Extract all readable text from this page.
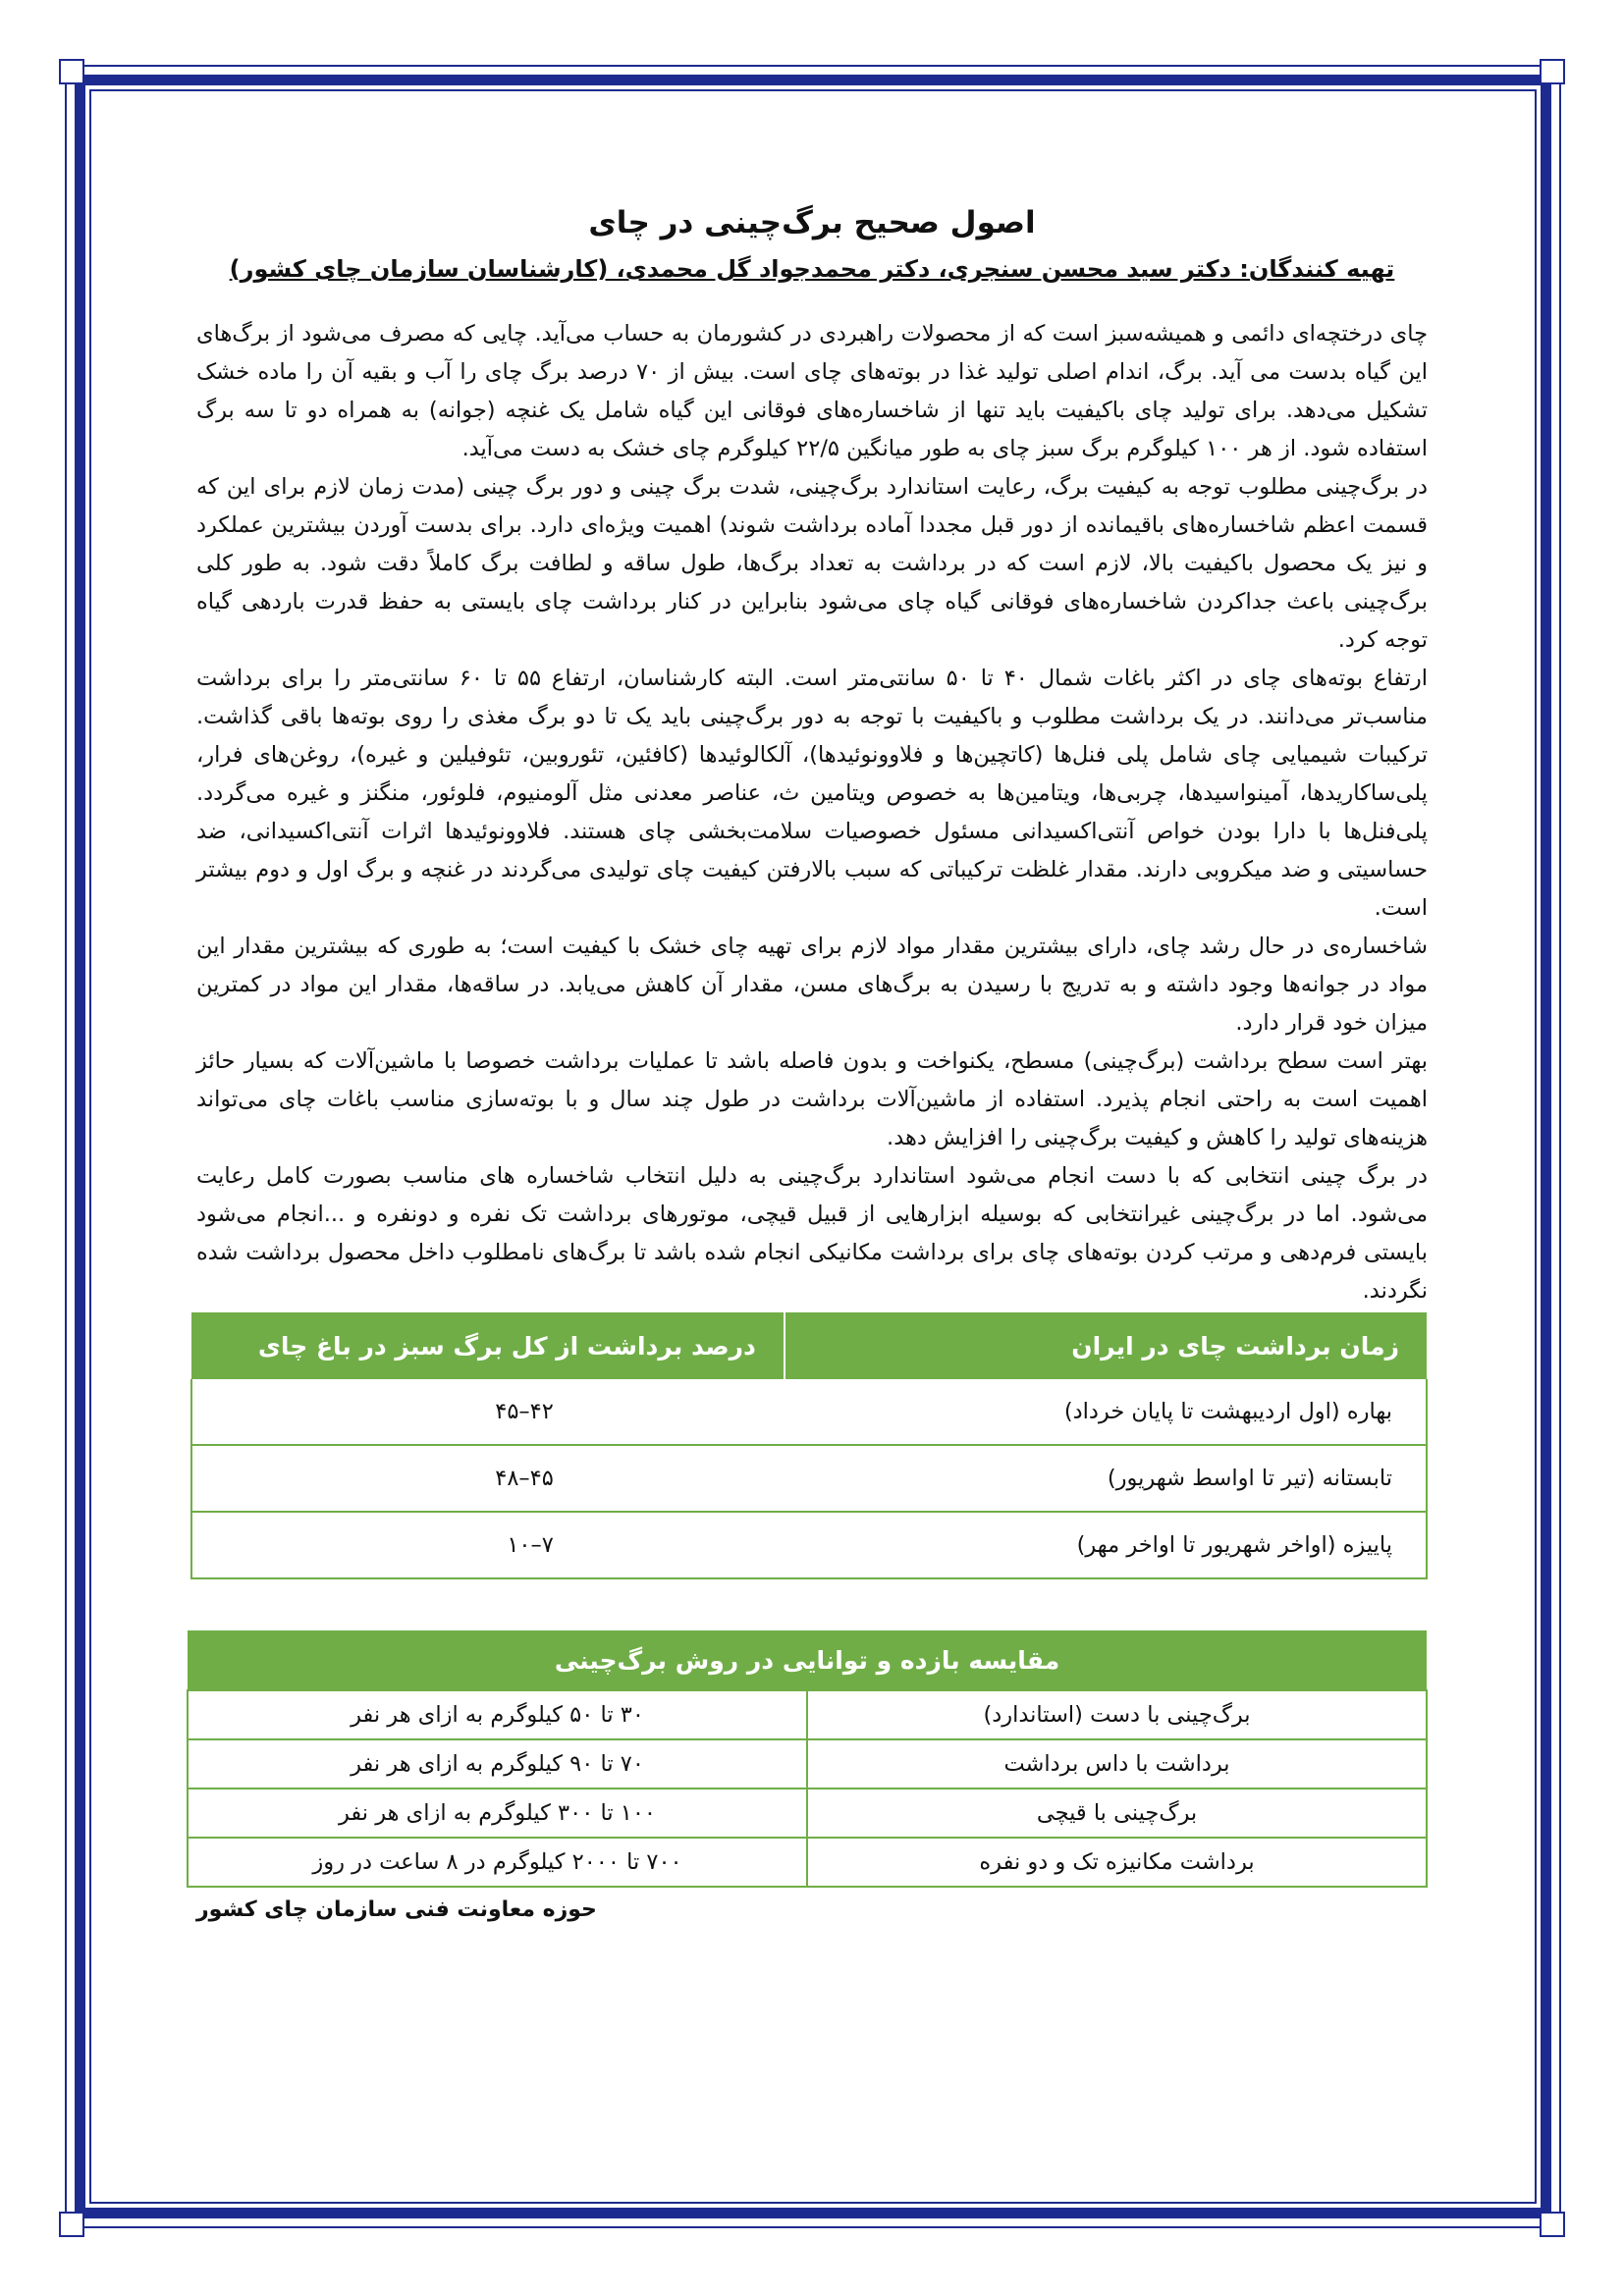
اصول صحیح برگ‌چینی در چای

تهیه کنندگان: دکتر سید محسن سنجری، دکتر محمدجواد گل محمدی، (کارشناسان سازمان چای کشور)

چای درختچه‌ای دائمی و همیشه‌سبز است که از محصولات راهبردی در کشورمان به حساب می‌آید. چایی که مصرف می‌شود از برگ‌های این گیاه بدست می آید. برگ، اندام اصلی تولید غذا در بوته‌های چای است. بیش از ۷۰ درصد برگ چای را آب و بقیه آن را ماده خشک تشکیل می‌دهد. برای تولید چای باکیفیت باید تنها از شاخساره‌های فوقانی این گیاه شامل یک غنچه (جوانه) به همراه دو تا سه برگ استفاده شود. از هر ۱۰۰ کیلوگرم برگ سبز چای به طور میانگین ۲۲/۵ کیلوگرم چای خشک به دست می‌آید.

در برگ‌چینی مطلوب توجه به کیفیت برگ، رعایت استاندارد برگ‌چینی، شدت برگ چینی و دور برگ چینی (مدت زمان لازم برای این که قسمت اعظم شاخساره‌های باقیمانده از دور قبل مجددا آماده برداشت شوند) اهمیت ویژه‌ای دارد. برای بدست آوردن بیشترین عملکرد و نیز یک محصول باکیفیت بالا، لازم است که در برداشت به تعداد برگ‌ها، طول ساقه و لطافت برگ کاملاً دقت شود. به طور کلی برگ‌چینی باعث جداکردن شاخساره‌های فوقانی گیاه چای می‌شود بنابراین در کنار برداشت چای بایستی به حفظ قدرت باردهی گیاه توجه کرد.

ارتفاع بوته‌های چای در اکثر باغات شمال ۴۰ تا ۵۰ سانتی‌متر است. البته کارشناسان، ارتفاع ۵۵ تا ۶۰ سانتی‌متر را برای برداشت مناسب‌تر می‌دانند. در یک برداشت مطلوب و باکیفیت با توجه به دور برگ‌چینی باید یک تا دو برگ مغذی را روی بوته‌ها باقی گذاشت. ترکیبات شیمیایی چای شامل پلی فنل‌ها (کاتچین‌ها و فلاوونوئیدها)، آلکالوئیدها (کافئین، تئوروبین، تئوفیلین و غیره)، روغن‌های فرار، پلی‌ساکاریدها، آمینواسیدها، چربی‌ها، ویتامین‌ها به خصوص ویتامین ث، عناصر معدنی مثل آلومنیوم، فلوئور، منگنز و غیره می‌گردد. پلی‌فنل‌ها با دارا بودن خواص آنتی‌اکسیدانی مسئول خصوصیات سلامت‌بخشی چای هستند. فلاوونوئیدها اثرات آنتی‌اکسیدانی، ضد حساسیتی و ضد میکروبی دارند. مقدار غلظت ترکیباتی که سبب بالارفتن کیفیت چای تولیدی می‌گردند در غنچه و برگ اول و دوم بیشتر است.

شاخساره‌ی در حال رشد چای، دارای بیشترین مقدار مواد لازم برای تهیه چای خشک با کیفیت است؛ به طوری که بیشترین مقدار این مواد در جوانه‌ها وجود داشته و به تدریج با رسیدن به برگ‌های مسن، مقدار آن کاهش می‌یابد. در ساقه‌ها، مقدار این مواد در کمترین میزان خود قرار دارد.

بهتر است سطح برداشت (برگ‌چینی) مسطح، یکنواخت و بدون فاصله باشد تا عملیات برداشت خصوصا با ماشین‌آلات که بسیار حائز اهمیت است به راحتی انجام پذیرد. استفاده از ماشین‌آلات برداشت در طول چند سال و با بوته‌سازی مناسب باغات چای می‌تواند هزینه‌های تولید را کاهش و کیفیت برگ‌چینی را افزایش دهد.

در برگ چینی انتخابی که با دست انجام می‌شود استاندارد برگ‌چینی به دلیل انتخاب شاخساره های مناسب بصورت کامل رعایت می‌شود. اما در برگ‌چینی غیرانتخابی که بوسیله ابزارهایی از قبیل قیچی، موتورهای برداشت تک نفره و دونفره و ...انجام می‌شود بایستی فرم‌دهی و مرتب کردن بوته‌های چای برای برداشت مکانیکی انجام شده باشد تا برگ‌های نامطلوب داخل محصول برداشت شده نگردند.

زمان برداشت چای در ایران	درصد برداشت از کل برگ سبز در باغ چای
بهاره (اول اردیبهشت تا پایان خرداد)	۴۲–۴۵
تابستانه (تیر تا اواسط شهریور)	۴۵–۴۸
پاییزه (اواخر شهریور تا اواخر مهر)	۷–۱۰
مقایسه بازده و توانایی در روش برگ‌چینی	
برگ‌چینی با دست (استاندارد)	۳۰ تا ۵۰ کیلوگرم به ازای هر نفر
برداشت با داس برداشت	۷۰ تا ۹۰ کیلوگرم به ازای هر نفر
برگ‌چینی با قیچی	۱۰۰ تا ۳۰۰ کیلوگرم به ازای هر نفر
برداشت مکانیزه تک و دو نفره	۷۰۰ تا ۲۰۰۰ کیلوگرم در ۸ ساعت در روز

حوزه معاونت فنی سازمان چای کشور
